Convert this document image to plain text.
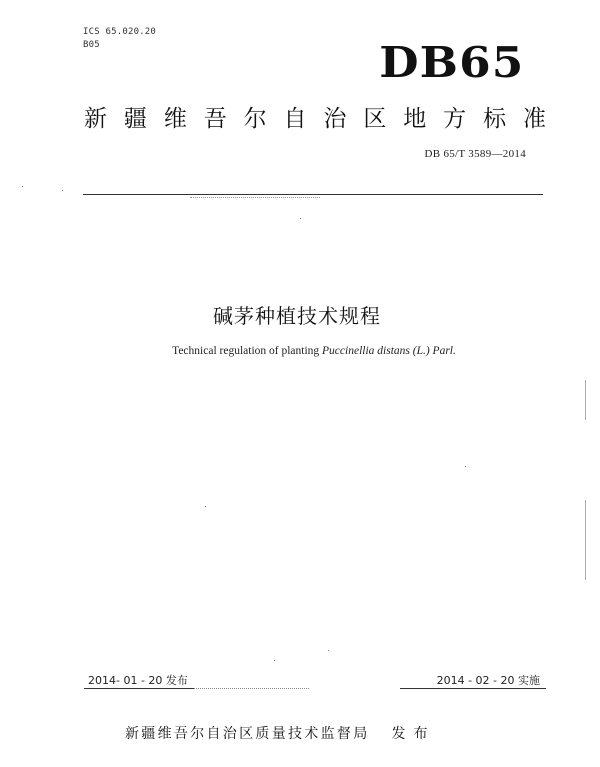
ICS 65.020.20
B05	DB65
新 疆 维 吾 尔 自 治 区 地 方 标 准
DB 65/T 3589—2014
碱茅种植技术规程
Technical regulation of planting Puccinellia distans (L.) Parl.
2014- 01 - 20 发布	2014 - 02 - 20 实施
新疆维吾尔自治区质量技术监督局 发布
